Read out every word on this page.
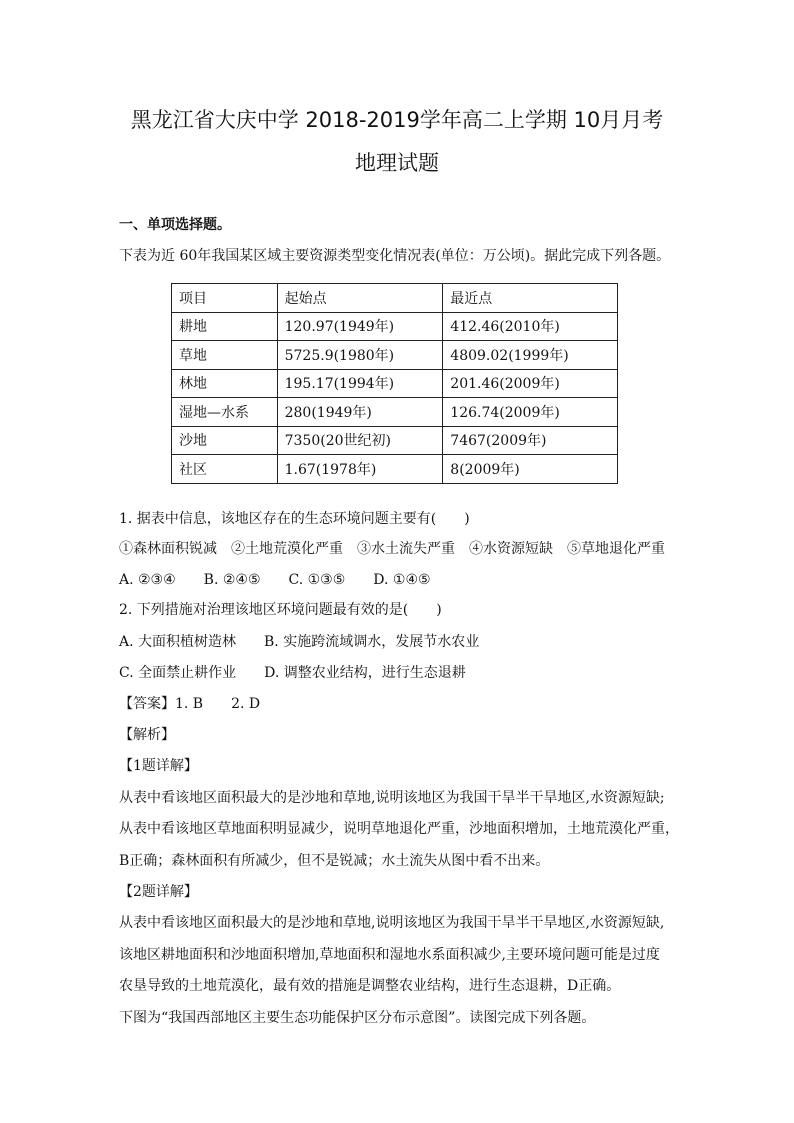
黑龙江省大庆中学 2018-2019学年高二上学期 10月月考
地理试题
一、单项选择题。
下表为近 60年我国某区域主要资源类型变化情况表(单位：万公顷)。据此完成下列各题。
项目	起始点	最近点
耕地	120.97(1949年)	412.46(2010年)
草地	5725.9(1980年)	4809.02(1999年)
林地	195.17(1994年)	201.46(2009年)
湿地—水系	280(1949年)	126.74(2009年)
沙地	7350(20世纪初)	7467(2009年)
社区	1.67(1978年)	8(2009年)
1. 据表中信息，该地区存在的生态环境问题主要有(　　)
①森林面积锐减　②土地荒漠化严重　③水土流失严重　④水资源短缺　⑤草地退化严重
A. ②③④　　B. ②④⑤　　C. ①③⑤　　D. ①④⑤
2. 下列措施对治理该地区环境问题最有效的是(　　)
A. 大面积植树造林　　B. 实施跨流域调水，发展节水农业
C. 全面禁止耕作业　　D. 调整农业结构，进行生态退耕
【答案】1. B　　2. D
【解析】
【1题详解】
从表中看该地区面积最大的是沙地和草地,说明该地区为我国干旱半干旱地区,水资源短缺;
从表中看该地区草地面积明显减少，说明草地退化严重，沙地面积增加，土地荒漠化严重，
B正确；森林面积有所减少，但不是锐减；水土流失从图中看不出来。
【2题详解】
从表中看该地区面积最大的是沙地和草地,说明该地区为我国干旱半干旱地区,水资源短缺,
该地区耕地面积和沙地面积增加,草地面积和湿地水系面积减少,主要环境问题可能是过度
农垦导致的土地荒漠化，最有效的措施是调整农业结构，进行生态退耕，D正确。
下图为“我国西部地区主要生态功能保护区分布示意图”。读图完成下列各题。
